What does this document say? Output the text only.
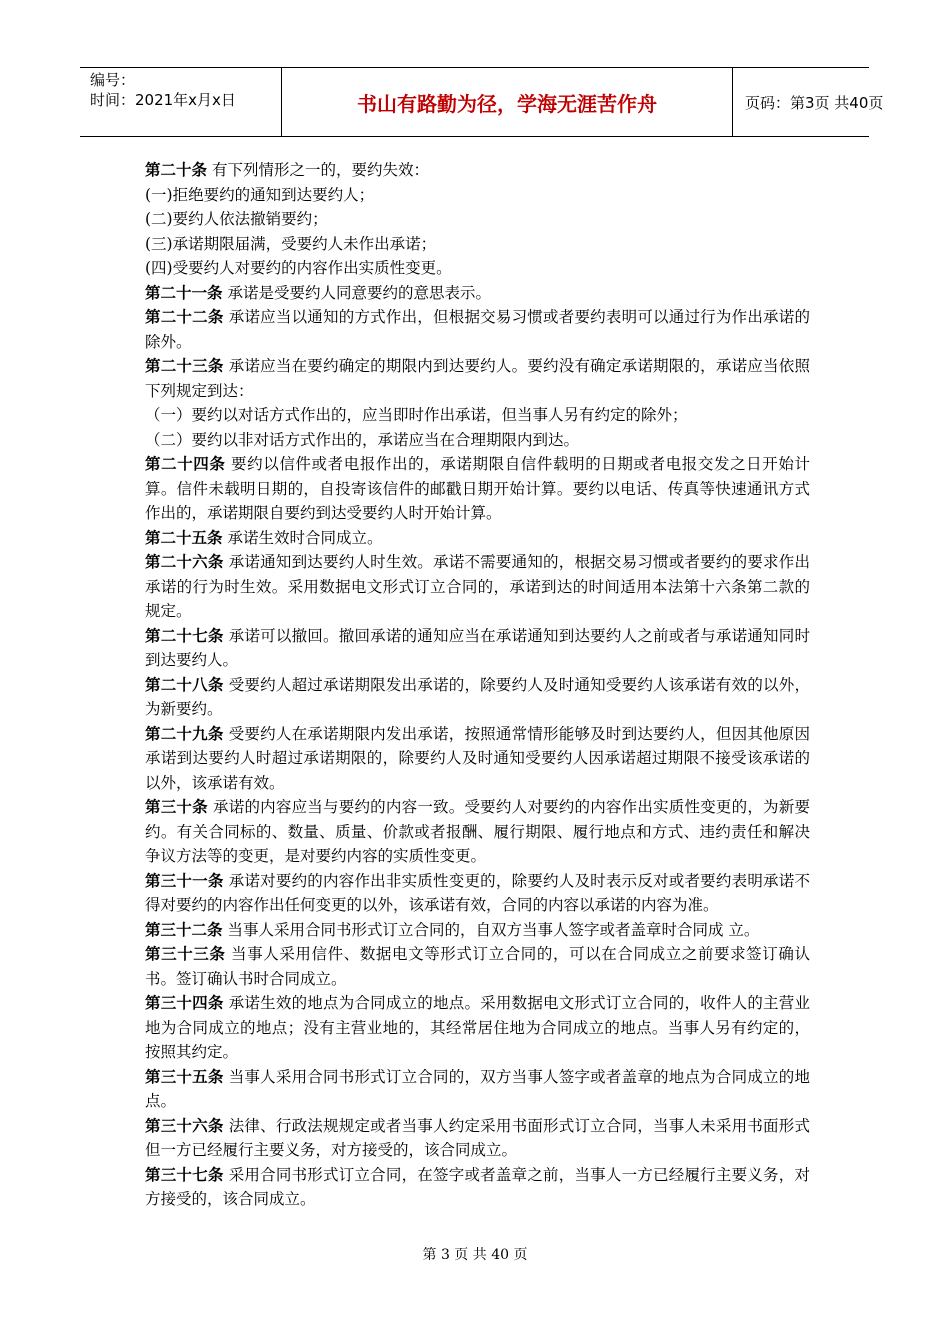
编号：
时间：2021年x月x日	书山有路勤为径，学海无涯苦作舟	页码：第3页 共40页

第二十条 有下列情形之一的，要约失效：

(一)拒绝要约的通知到达要约人；

(二)要约人依法撤销要约；

(三)承诺期限届满，受要约人未作出承诺；

(四)受要约人对要约的内容作出实质性变更。

第二十一条 承诺是受要约人同意要约的意思表示。

第二十二条 承诺应当以通知的方式作出，但根据交易习惯或者要约表明可以通过行为作出承诺的除外。

第二十三条 承诺应当在要约确定的期限内到达要约人。要约没有确定承诺期限的，承诺应当依照下列规定到达：

（一）要约以对话方式作出的，应当即时作出承诺，但当事人另有约定的除外；

（二）要约以非对话方式作出的，承诺应当在合理期限内到达。

第二十四条 要约以信件或者电报作出的，承诺期限自信件载明的日期或者电报交发之日开始计算。信件未载明日期的，自投寄该信件的邮戳日期开始计算。要约以电话、传真等快速通讯方式作出的，承诺期限自要约到达受要约人时开始计算。

第二十五条 承诺生效时合同成立。

第二十六条 承诺通知到达要约人时生效。承诺不需要通知的，根据交易习惯或者要约的要求作出承诺的行为时生效。采用数据电文形式订立合同的，承诺到达的时间适用本法第十六条第二款的规定。

第二十七条 承诺可以撤回。撤回承诺的通知应当在承诺通知到达要约人之前或者与承诺通知同时到达要约人。

第二十八条 受要约人超过承诺期限发出承诺的，除要约人及时通知受要约人该承诺有效的以外，为新要约。

第二十九条 受要约人在承诺期限内发出承诺，按照通常情形能够及时到达要约人，但因其他原因承诺到达要约人时超过承诺期限的，除要约人及时通知受要约人因承诺超过期限不接受该承诺的以外，该承诺有效。

第三十条 承诺的内容应当与要约的内容一致。受要约人对要约的内容作出实质性变更的，为新要约。有关合同标的、数量、质量、价款或者报酬、履行期限、履行地点和方式、违约责任和解决争议方法等的变更，是对要约内容的实质性变更。

第三十一条 承诺对要约的内容作出非实质性变更的，除要约人及时表示反对或者要约表明承诺不得对要约的内容作出任何变更的以外，该承诺有效，合同的内容以承诺的内容为准。

第三十二条 当事人采用合同书形式订立合同的，自双方当事人签字或者盖章时合同成 立。

第三十三条 当事人采用信件、数据电文等形式订立合同的，可以在合同成立之前要求签订确认书。签订确认书时合同成立。

第三十四条 承诺生效的地点为合同成立的地点。采用数据电文形式订立合同的，收件人的主营业地为合同成立的地点；没有主营业地的，其经常居住地为合同成立的地点。当事人另有约定的，按照其约定。

第三十五条 当事人采用合同书形式订立合同的，双方当事人签字或者盖章的地点为合同成立的地点。

第三十六条 法律、行政法规规定或者当事人约定采用书面形式订立合同，当事人未采用书面形式但一方已经履行主要义务，对方接受的，该合同成立。

第三十七条 采用合同书形式订立合同，在签字或者盖章之前，当事人一方已经履行主要义务，对方接受的，该合同成立。

第 3 页 共 40 页
